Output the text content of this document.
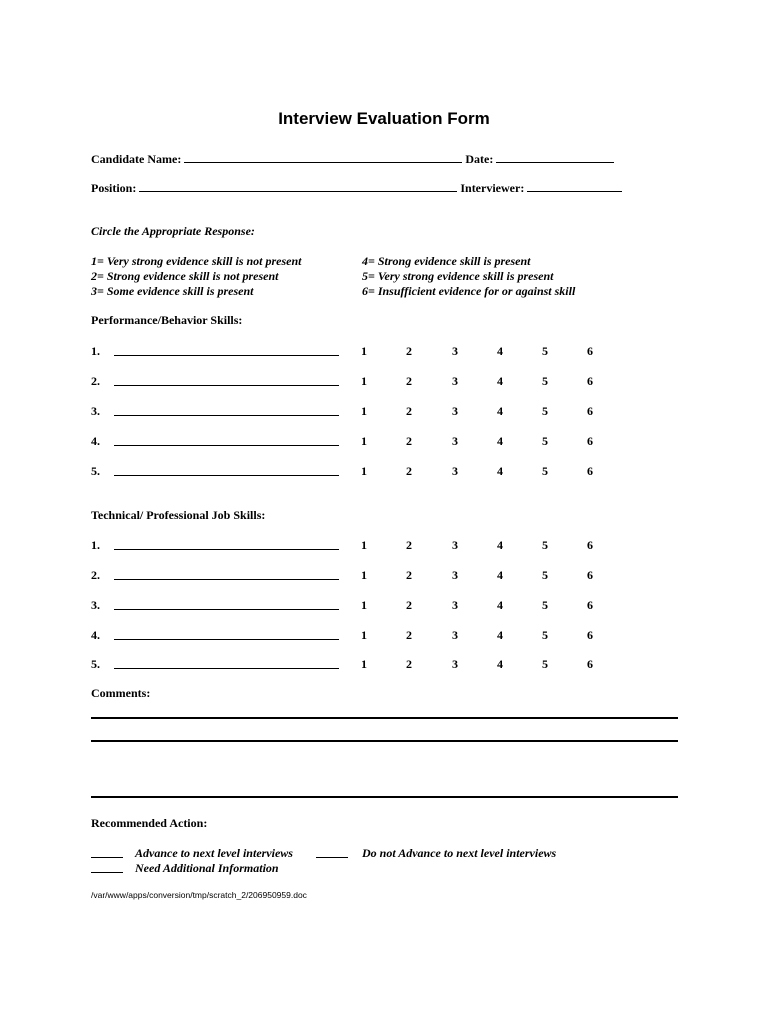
Interview Evaluation Form
Candidate Name:	Date:
Position:	Interviewer:
Circle the Appropriate Response:
1= Very strong evidence skill is not present
2= Strong evidence skill is not present
3= Some evidence skill is present
4= Strong evidence skill is present
5= Very strong evidence skill is present
6= Insufficient evidence for or against skill
Performance/Behavior Skills:
Technical/ Professional Job Skills:
1.	1	2	3	4	5	6
2.	1	2	3	4	5	6
3.	1	2	3	4	5	6
4.	1	2	3	4	5	6
5.	1	2	3	4	5	6
1.	1	2	3	4	5	6
2.	1	2	3	4	5	6
3.	1	2	3	4	5	6
4.	1	2	3	4	5	6
5.	1	2	3	4	5	6
Comments:
Recommended Action:
Advance to next level interviews	Do not Advance to next level interviews
Need Additional Information
/var/www/apps/conversion/tmp/scratch_2/206950959.doc
